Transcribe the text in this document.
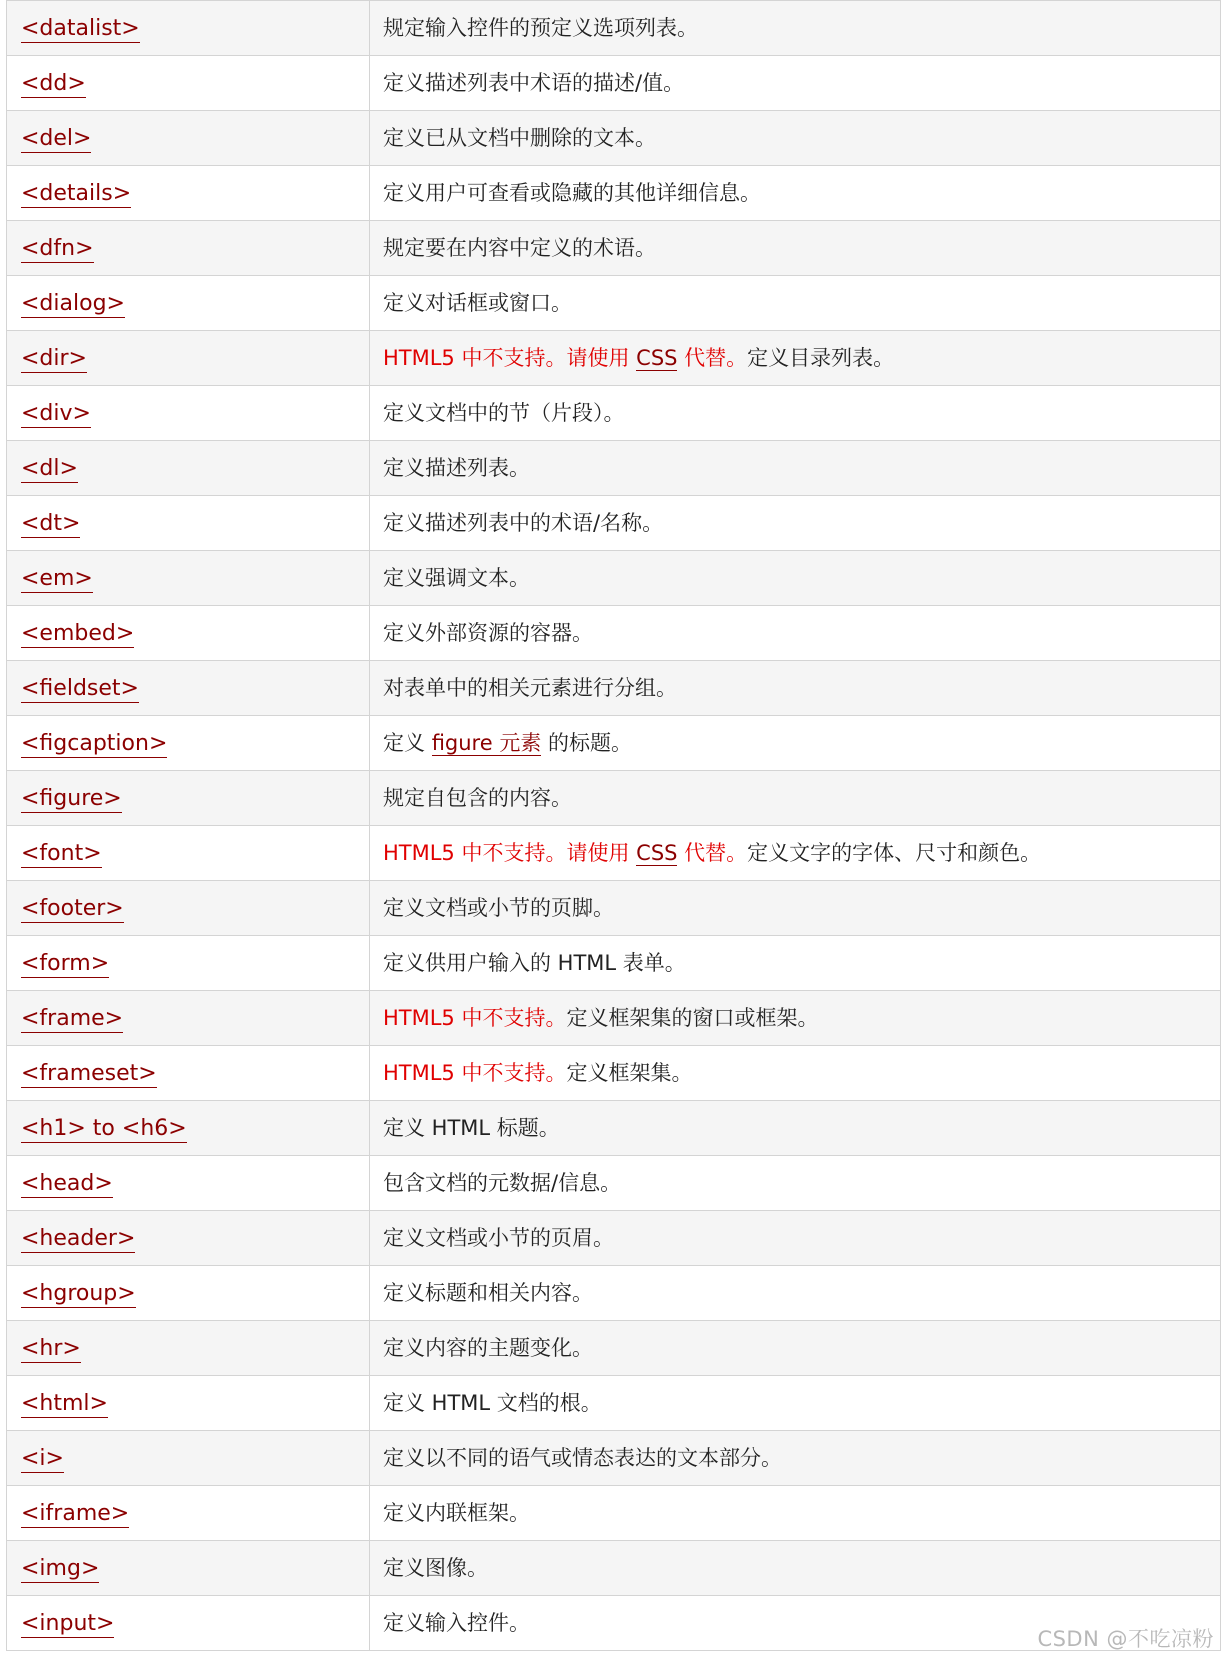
<datalist>	规定输入控件的预定义选项列表。
<dd>	定义描述列表中术语的描述/值。
<del>	定义已从文档中删除的文本。
<details>	定义用户可查看或隐藏的其他详细信息。
<dfn>	规定要在内容中定义的术语。
<dialog>	定义对话框或窗口。
<dir>	HTML5 中不支持。请使用 CSS 代替。定义目录列表。
<div>	定义文档中的节（片段）。
<dl>	定义描述列表。
<dt>	定义描述列表中的术语/名称。
<em>	定义强调文本。
<embed>	定义外部资源的容器。
<fieldset>	对表单中的相关元素进行分组。
<figcaption>	定义 figure 元素 的标题。
<figure>	规定自包含的内容。
<font>	HTML5 中不支持。请使用 CSS 代替。定义文字的字体、尺寸和颜色。
<footer>	定义文档或小节的页脚。
<form>	定义供用户输入的 HTML 表单。
<frame>	HTML5 中不支持。定义框架集的窗口或框架。
<frameset>	HTML5 中不支持。定义框架集。
<h1> to <h6>	定义 HTML 标题。
<head>	包含文档的元数据/信息。
<header>	定义文档或小节的页眉。
<hgroup>	定义标题和相关内容。
<hr>	定义内容的主题变化。
<html>	定义 HTML 文档的根。
<i>	定义以不同的语气或情态表达的文本部分。
<iframe>	定义内联框架。
<img>	定义图像。
<input>	定义输入控件。
CSDN @不吃凉粉
